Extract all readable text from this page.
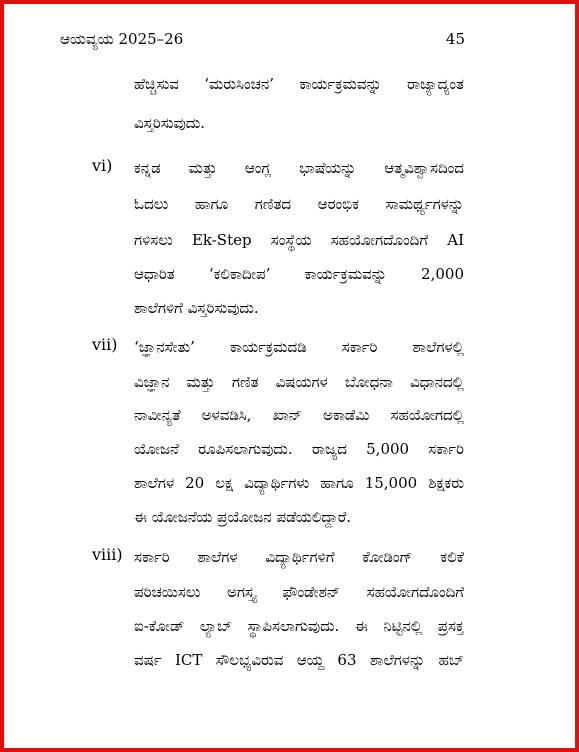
ಆಯವ್ಯಯ 2025–26	45
ಹೆಚ್ಚಿಸುವ ‘ಮರುಸಿಂಚನ’ ಕಾರ್ಯಕ್ರಮವನ್ನು ರಾಜ್ಯಾದ್ಯಂತ
ವಿಸ್ತರಿಸುವುದು.
vi) ಕನ್ನಡ ಮತ್ತು ಆಂಗ್ಲ ಭಾಷೆಯನ್ನು ಆತ್ಮವಿಶ್ವಾಸದಿಂದ
ಓದಲು ಹಾಗೂ ಗಣಿತದ ಆರಂಭಿಕ ಸಾಮರ್ಥ್ಯಗಳನ್ನು
ಗಳಿಸಲು Ek-Step ಸಂಸ್ಥೆಯ ಸಹಯೋಗದೊಂದಿಗೆ AI
ಆಧಾರಿತ ‘ಕಲಿಕಾದೀಪ’ ಕಾರ್ಯಕ್ರಮವನ್ನು 2,000
ಶಾಲೆಗಳಿಗೆ ವಿಸ್ತರಿಸುವುದು.
vii) ‘ಜ್ಞಾನಸೇತು’ ಕಾರ್ಯಕ್ರಮದಡಿ ಸರ್ಕಾರಿ ಶಾಲೆಗಳಲ್ಲಿ
ವಿಜ್ಞಾನ ಮತ್ತು ಗಣಿತ ವಿಷಯಗಳ ಬೋಧನಾ ವಿಧಾನದಲ್ಲಿ
ನಾವೀನ್ಯತೆ ಅಳವಡಿಸಿ, ಖಾನ್ ಅಕಾಡೆಮಿ ಸಹಯೋಗದಲ್ಲಿ
ಯೋಜನೆ ರೂಪಿಸಲಾಗುವುದು. ರಾಜ್ಯದ 5,000 ಸರ್ಕಾರಿ
ಶಾಲೆಗಳ 20 ಲಕ್ಷ ವಿದ್ಯಾರ್ಥಿಗಳು ಹಾಗೂ 15,000 ಶಿಕ್ಷಕರು
ಈ ಯೋಜನೆಯ ಪ್ರಯೋಜನ ಪಡೆಯಲಿದ್ದಾರೆ.
viii) ಸರ್ಕಾರಿ ಶಾಲೆಗಳ ವಿದ್ಯಾರ್ಥಿಗಳಿಗೆ ಕೋಡಿಂಗ್ ಕಲಿಕೆ
ಪರಿಚಯಿಸಲು ಅಗಸ್ತ್ಯ ಫೌಂಡೇಶನ್ ಸಹಯೋಗದೊಂದಿಗೆ
ಐ-ಕೋಡ್ ಲ್ಯಾಬ್ ಸ್ಥಾಪಿಸಲಾಗುವುದು. ಈ ನಿಟ್ಟಿನಲ್ಲಿ ಪ್ರಸಕ್ತ
ವರ್ಷ ICT ಸೌಲಭ್ಯವಿರುವ ಆಯ್ದ 63 ಶಾಲೆಗಳನ್ನು ಹಬ್
